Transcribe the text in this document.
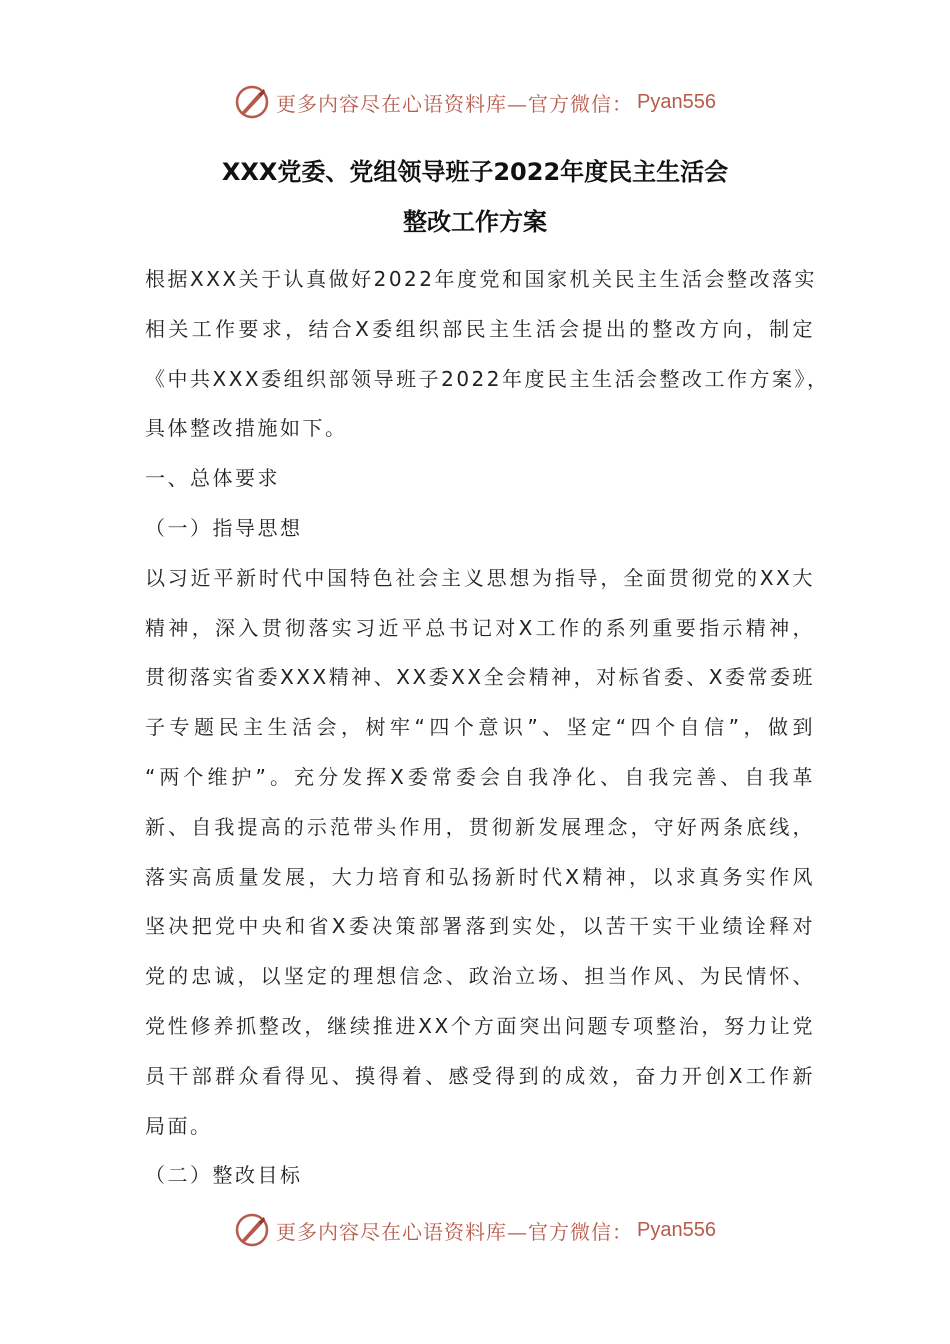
更多内容尽在心语资料库—官方微信： Pyan556
XXX党委、党组领导班子2022年度民主生活会
整改工作方案
根据XXX关于认真做好2022年度党和国家机关民主生活会整改落实
相关工作要求，结合X委组织部民主生活会提出的整改方向，制定
《中共XXX委组织部领导班子2022年度民主生活会整改工作方案》，
具体整改措施如下。
一、总体要求
（一）指导思想
以习近平新时代中国特色社会主义思想为指导，全面贯彻党的XX大
精神，深入贯彻落实习近平总书记对X工作的系列重要指示精神，
贯彻落实省委XXX精神、XX委XX全会精神，对标省委、X委常委班
子专题民主生活会，树牢“四个意识”、坚定“四个自信”，做到
“两个维护”。充分发挥X委常委会自我净化、自我完善、自我革
新、自我提高的示范带头作用，贯彻新发展理念，守好两条底线，
落实高质量发展，大力培育和弘扬新时代X精神，以求真务实作风
坚决把党中央和省X委决策部署落到实处，以苦干实干业绩诠释对
党的忠诚，以坚定的理想信念、政治立场、担当作风、为民情怀、
党性修养抓整改，继续推进XX个方面突出问题专项整治，努力让党
员干部群众看得见、摸得着、感受得到的成效，奋力开创X工作新
局面。
（二）整改目标
更多内容尽在心语资料库—官方微信： Pyan556
